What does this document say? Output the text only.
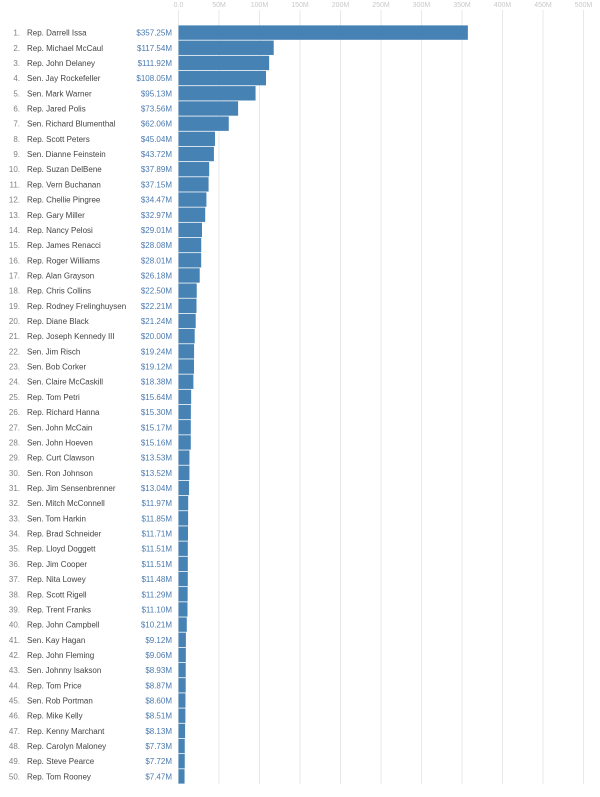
0.0	50M	100M	150M	200M	250M	300M	350M	400M	450M	500M
1. Rep. Darrell Issa	$357.25M
2. Rep. Michael McCaul	$117.54M
3. Rep. John Delaney	$111.92M
4. Sen. Jay Rockefeller	$108.05M
5. Sen. Mark Warner	$95.13M
6. Rep. Jared Polis	$73.56M
7. Sen. Richard Blumenthal	$62.06M
8. Rep. Scott Peters	$45.04M
9. Sen. Dianne Feinstein	$43.72M
10. Rep. Suzan DelBene	$37.89M
11. Rep. Vern Buchanan	$37.15M
12. Rep. Chellie Pingree	$34.47M
13. Rep. Gary Miller	$32.97M
14. Rep. Nancy Pelosi	$29.01M
15. Rep. James Renacci	$28.08M
16. Rep. Roger Williams	$28.01M
17. Rep. Alan Grayson	$26.18M
18. Rep. Chris Collins	$22.50M
19. Rep. Rodney Frelinghuysen $22.21M
20. Rep. Diane Black	$21.24M
21. Rep. Joseph Kennedy III	$20.00M
22. Sen. Jim Risch	$19.24M
23. Sen. Bob Corker	$19.12M
24. Sen. Claire McCaskill	$18.38M
25. Rep. Tom Petri	$15.64M
26. Rep. Richard Hanna	$15.30M
27. Sen. John McCain	$15.17M
28. Sen. John Hoeven	$15.16M
29. Rep. Curt Clawson	$13.53M
30. Sen. Ron Johnson	$13.52M
31. Rep. Jim Sensenbrenner	$13.04M
32. Sen. Mitch McConnell	$11.97M
33. Sen. Tom Harkin	$11.85M
34. Rep. Brad Schneider	$11.71M
35. Rep. Lloyd Doggett	$11.51M
36. Rep. Jim Cooper	$11.51M
37. Rep. Nita Lowey	$11.48M
38. Rep. Scott Rigell	$11.29M
39. Rep. Trent Franks	$11.10M
40. Rep. John Campbell	$10.21M
41. Sen. Kay Hagan	$9.12M
42. Rep. John Fleming	$9.06M
43. Sen. Johnny Isakson	$8.93M
44. Rep. Tom Price	$8.87M
45. Sen. Rob Portman	$8.60M
46. Rep. Mike Kelly	$8.51M
47. Rep. Kenny Marchant	$8.13M
48. Rep. Carolyn Maloney	$7.73M
49. Rep. Steve Pearce	$7.72M
50. Rep. Tom Rooney	$7.47M
